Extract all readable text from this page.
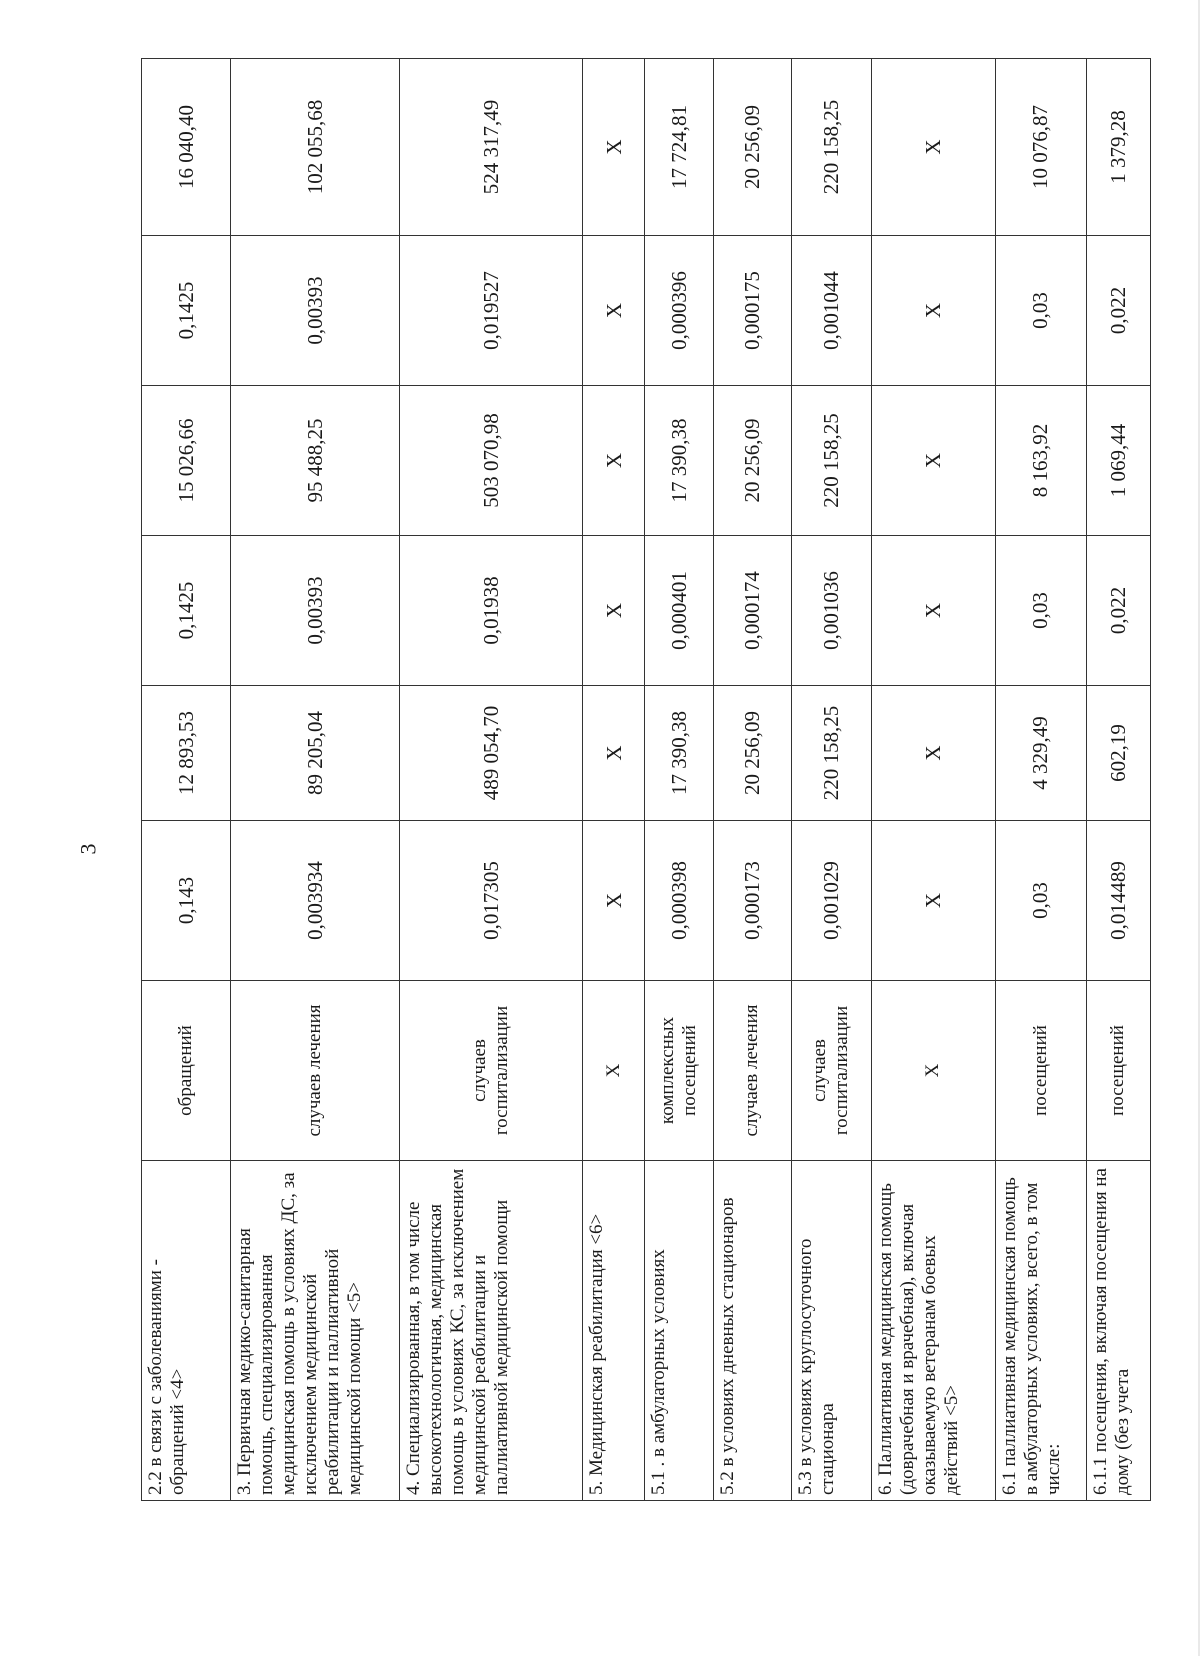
3
2.2 в связи с заболеваниями - обращений <4>	обращений	0,143	12 893,53	0,1425	15 026,66	0,1425	16 040,40
3. Первичная медико-санитарная помощь, специализированная медицинская помощь в условиях ДС, за исключением медицинской реабилитации и паллиативной медицинской помощи <5>	случаев лечения	0,003934	89 205,04	0,00393	95 488,25	0,00393	102 055,68
4. Специализированная, в том числе высокотехнологичная, медицинская помощь в условиях КС, за исключением медицинской реабилитации и паллиативной медицинской помощи	случаев госпитализации	0,017305	489 054,70	0,01938	503 070,98	0,019527	524 317,49
5. Медицинская реабилитация <6>	Х	Х	Х	Х	Х	Х	Х
5.1 . в амбулаторных условиях	комплексных посещений	0,000398	17 390,38	0,000401	17 390,38	0,000396	17 724,81
5.2 в условиях дневных стационаров	случаев лечения	0,000173	20 256,09	0,000174	20 256,09	0,000175	20 256,09
5.3 в условиях круглосуточного стационара	случаев госпитализации	0,001029	220 158,25	0,001036	220 158,25	0,001044	220 158,25
6. Паллиативная медицинская помощь (доврачебная и врачебная), включая оказываемую ветеранам боевых действий <5>	Х	Х	Х	Х	Х	Х	Х
6.1 паллиативная медицинская помощь в амбулаторных условиях, всего, в том числе:	посещений	0,03	4 329,49	0,03	8 163,92	0,03	10 076,87
6.1.1 посещения, включая посещения на дому (без учета	посещений	0,014489	602,19	0,022	1 069,44	0,022	1 379,28
